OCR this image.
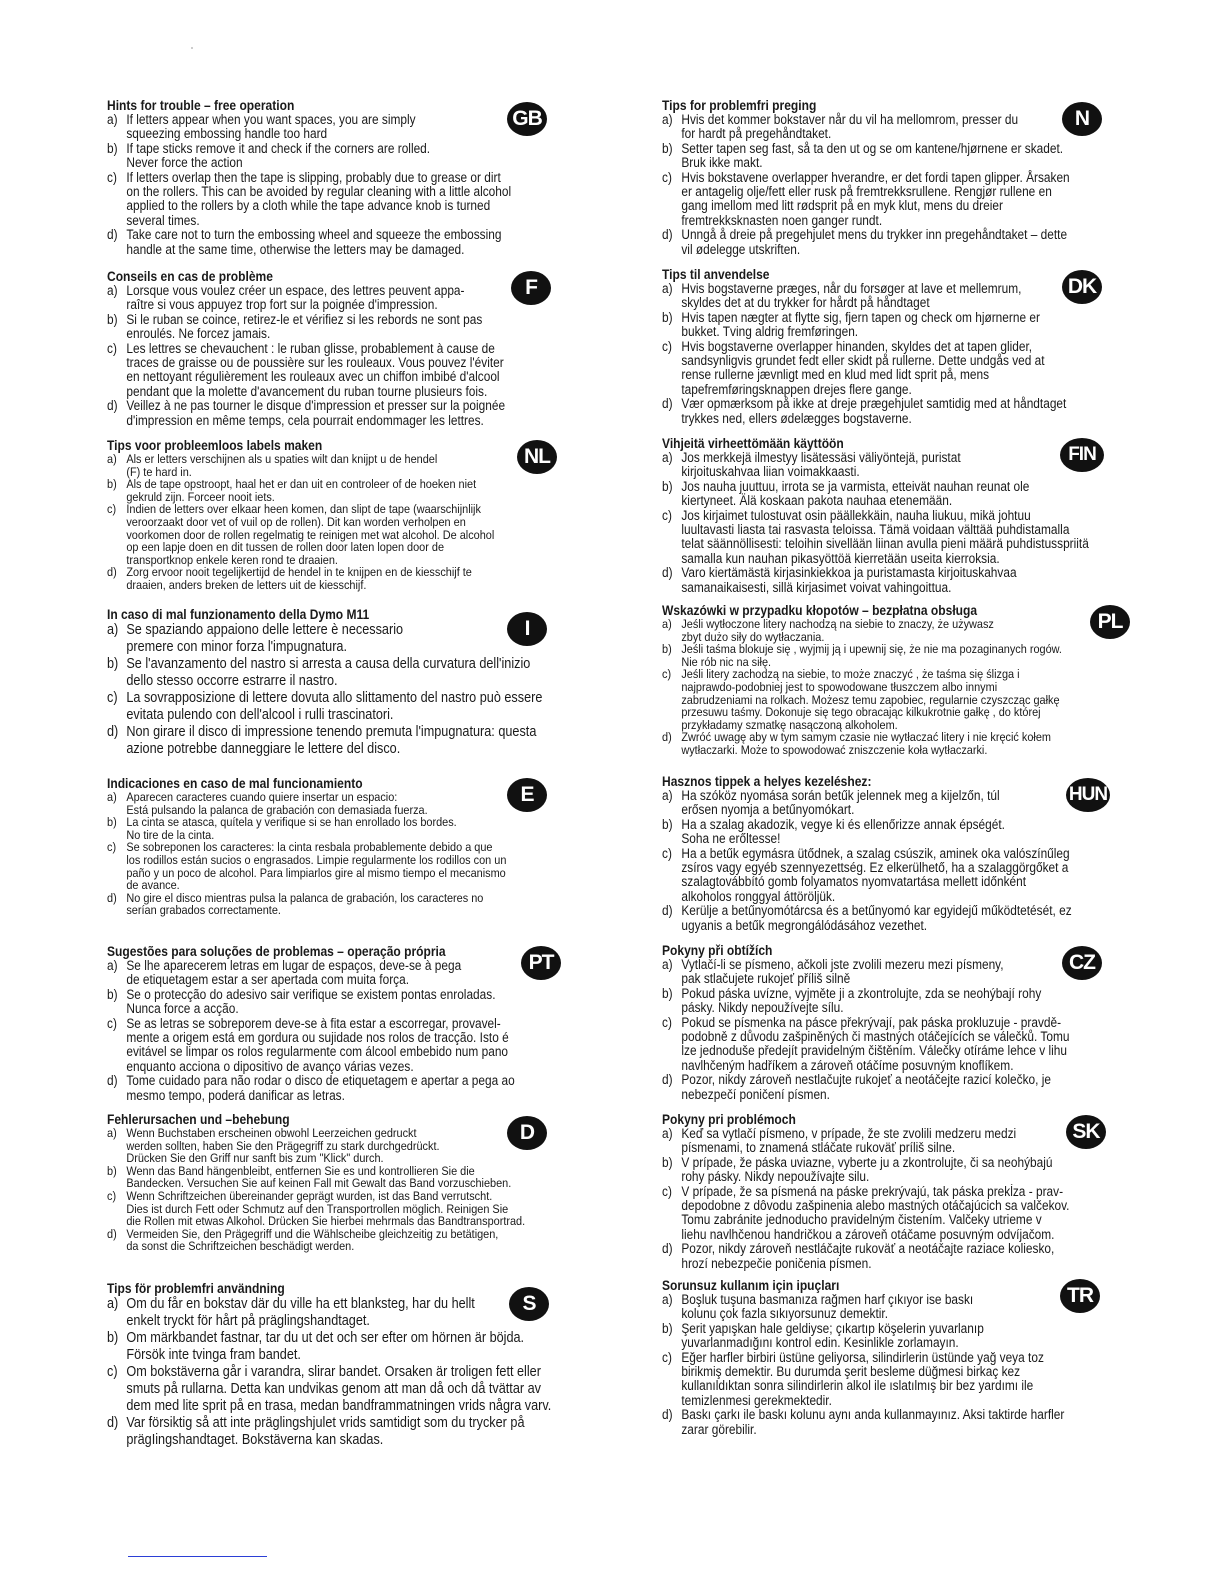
Hints for trouble – free operation

a) If letters appear when you want spaces, you are simply
squeezing embossing handle too hard
b) If tape sticks remove it and check if the corners are rolled.
Never force the action
c) If letters overlap then the tape is slipping, probably due to grease or dirt
on the rollers. This can be avoided by regular cleaning with a little alcohol
applied to the rollers by a cloth while the tape advance knob is turned
several times.
d) Take care not to turn the embossing wheel and squeeze the embossing
handle at the same time, otherwise the letters may be damaged.
GB

Conseils en cas de problème

a) Lorsque vous voulez créer un espace, des lettres peuvent appa-
raître si vous appuyez trop fort sur la poignée d'impression.
b) Si le ruban se coince, retirez-le et vérifiez si les rebords ne sont pas
enroulés. Ne forcez jamais.
c) Les lettres se chevauchent : le ruban glisse, probablement à cause de
traces de graisse ou de poussière sur les rouleaux. Vous pouvez l'éviter
en nettoyant régulièrement les rouleaux avec un chiffon imbibé d'alcool
pendant que la molette d'avancement du ruban tourne plusieurs fois.
d) Veillez à ne pas tourner le disque d'impression et presser sur la poignée
d'impression en même temps, cela pourrait endommager les lettres.
F

Tips voor probleemloos labels maken

a) Als er letters verschijnen als u spaties wilt dan knijpt u de hendel
(F) te hard in.
b) Als de tape opstroopt, haal het er dan uit en controleer of de hoeken niet
gekruld zijn. Forceer nooit iets.
c) Indien de letters over elkaar heen komen, dan slipt de tape (waarschijnlijk
veroorzaakt door vet of vuil op de rollen). Dit kan worden verholpen en
voorkomen door de rollen regelmatig te reinigen met wat alcohol. De alcohol
op een lapje doen en dit tussen de rollen door laten lopen door de
transportknop enkele keren rond te draaien.
d) Zorg ervoor nooit tegelijkertijd de hendel in te knijpen en de kiesschijf te
draaien, anders breken de letters uit de kiesschijf.
NL

In caso di mal funzionamento della Dymo M11

a) Se spaziando appaiono delle lettere è necessario
premere con minor forza l'impugnatura.
b) Se l'avanzamento del nastro si arresta a causa della curvatura dell'inizio
dello stesso occorre estrarre il nastro.
c) La sovrapposizione di lettere dovuta allo slittamento del nastro può essere
evitata pulendo con dell'alcool i rulli trascinatori.
d) Non girare il disco di impressione tenendo premuta l'impugnatura: questa
azione potrebbe danneggiare le lettere del disco.
I

Indicaciones en caso de mal funcionamiento

a) Aparecen caracteres cuando quiere insertar un espacio:
Está pulsando la palanca de grabación con demasiada fuerza.
b) La cinta se atasca, quítela y verifique si se han enrollado los bordes.
No tire de la cinta.
c) Se sobreponen los caracteres: la cinta resbala probablemente debido a que
los rodillos están sucios o engrasados. Limpie regularmente los rodillos con un
paño y un poco de alcohol. Para limpiarlos gire al mismo tiempo el mecanismo
de avance.
d) No gire el disco mientras pulsa la palanca de grabación, los caracteres no
serían grabados correctamente.
E

Sugestões para soluções de problemas – operação própria

a) Se lhe aparecerem letras em lugar de espaços, deve-se à pega
de etiquetagem estar a ser apertada com muita força.
b) Se o protecção do adesivo sair verifique se existem pontas enroladas.
Nunca force a acção.
c) Se as letras se sobreporem deve-se à fita estar a escorregar, provavel-
mente a origem está em gordura ou sujidade nos rolos de tracção. Isto é
evitável se limpar os rolos regularmente com álcool embebido num pano
enquanto acciona o dipositivo de avanço várias vezes.
d) Tome cuidado para não rodar o disco de etiquetagem e apertar a pega ao
mesmo tempo, poderá danificar as letras.
PT

Fehlerursachen und –behebung

a) Wenn Buchstaben erscheinen obwohl Leerzeichen gedruckt
werden sollten, haben Sie den Prägegriff zu stark durchgedrückt.
Drücken Sie den Griff nur sanft bis zum "Klick" durch.
b) Wenn das Band hängenbleibt, entfernen Sie es und kontrollieren Sie die
Bandecken. Versuchen Sie auf keinen Fall mit Gewalt das Band vorzuschieben.
c) Wenn Schriftzeichen übereinander geprägt wurden, ist das Band verrutscht.
Dies ist durch Fett oder Schmutz auf den Transportrollen möglich. Reinigen Sie
die Rollen mit etwas Alkohol. Drücken Sie hierbei mehrmals das Bandtransportrad.
d) Vermeiden Sie, den Prägegriff und die Wählscheibe gleichzeitig zu betätigen,
da sonst die Schriftzeichen beschädigt werden.
D

Tips för problemfri användning

a) Om du får en bokstav där du ville ha ett blanksteg, har du hellt
enkelt tryckt för hårt på präglingshandtaget.
b) Om märkbandet fastnar, tar du ut det och ser efter om hörnen är böjda.
Försök inte tvinga fram bandet.
c) Om bokstäverna går i varandra, slirar bandet. Orsaken är troligen fett eller
smuts på rullarna. Detta kan undvikas genom att man då och då tvättar av
dem med lite sprit på en trasa, medan bandframmatningen vrids några varv.
d) Var försiktig så att inte präglingshjulet vrids samtidigt som du trycker på
prägIingshandtaget. Bokstäverna kan skadas.
S

Tips for problemfri preging

a) Hvis det kommer bokstaver når du vil ha mellomrom, presser du
for hardt på pregehåndtaket.
b) Setter tapen seg fast, så ta den ut og se om kantene/hjørnene er skadet.
Bruk ikke makt.
c) Hvis bokstavene overlapper hverandre, er det fordi tapen glipper. Årsaken
er antagelig olje/fett eller rusk på fremtrekksrullene. Rengjør rullene en
gang imellom med litt rødsprit på en myk klut, mens du dreier
fremtrekksknasten noen ganger rundt.
d) Unngå å dreie på pregehjulet mens du trykker inn pregehåndtaket – dette
vil ødelegge utskriften.
N

Tips til anvendelse

a) Hvis bogstaverne præges, når du forsøger at lave et mellemrum,
skyldes det at du trykker for hårdt på håndtaget
b) Hvis tapen nægter at flytte sig, fjern tapen og check om hjørnerne er
bukket. Tving aldrig fremføringen.
c) Hvis bogstaverne overlapper hinanden, skyldes det at tapen glider,
sandsynligvis grundet fedt eller skidt på rullerne. Dette undgås ved at
rense rullerne jævnligt med en klud med lidt sprit på, mens
tapefremføringsknappen drejes flere gange.
d) Vær opmærksom på ikke at dreje prægehjulet samtidig med at håndtaget
trykkes ned, ellers ødelægges bogstaverne.
DK

Vihjeitä virheettömään käyttöön

a) Jos merkkejä ilmestyy lisätessäsi väliyöntejä, puristat
kirjoituskahvaa liian voimakkaasti.
b) Jos nauha juuttuu, irrota se ja varmista, etteivät nauhan reunat ole
kiertyneet. Älä koskaan pakota nauhaa etenemään.
c) Jos kirjaimet tulostuvat osin päällekkäin, nauha liukuu, mikä johtuu
luultavasti liasta tai rasvasta teloissa. Tämä voidaan välttää puhdistamalla
telat säännöllisesti: teloihin sivellään liinan avulla pieni määrä puhdistusspriitä
samalla kun nauhan pikasyöttöä kierretään useita kierroksia.
d) Varo kiertämästä kirjasinkiekkoa ja puristamasta kirjoituskahvaa
samanaikaisesti, sillä kirjasimet voivat vahingoittua.
FIN

Wskazówki w przypadku kłopotów – bezpłatna obsługa

a) Jeśli wytłoczone litery nachodzą na siebie to znaczy, że używasz
zbyt dużo siły do wytłaczania.
b) Jeśli taśma blokuje się , wyjmij ją i upewnij się, że nie ma pozaginanych rogów.
Nie rób nic na siłę.
c) Jeśli litery zachodzą na siebie, to może znaczyć , że taśma się ślizga i
najprawdo-podobniej jest to spowodowane tłuszczem albo innymi
zabrudzeniami na rolkach. Możesz temu zapobiec, regularnie czyszcząc gałkę
przesuwu taśmy. Dokonuje się tego obracając kilkukrotnie gałkę , do której
przykładamy szmatkę nasączoną alkoholem.
d) Zwróć uwagę aby w tym samym czasie nie wytłaczać litery i nie kręcić kołem
wytłaczarki. Może to spowodować zniszczenie koła wytłaczarki.
PL

Hasznos tippek a helyes kezeléshez:

a) Ha szóköz nyomása során betűk jelennek meg a kijelzőn, túl
erősen nyomja a betűnyomókart.
b) Ha a szalag akadozik, vegye ki és ellenőrizze annak épségét.
Soha ne erőltesse!
c) Ha a betűk egymásra ütődnek, a szalag csúszik, aminek oka valószínűleg
zsíros vagy egyéb szennyezettség. Ez elkerülhető, ha a szalaggörgőket a
szalagtovábbító gomb folyamatos nyomvatartása mellett időnként
alkoholos ronggyal áttöröljük.
d) Kerülje a betűnyomótárcsa és a betűnyomó kar egyidejű működtetését, ez
ugyanis a betűk megrongálódásához vezethet.
HUN

Pokyny při obtížích

a) Vytlačí-li se písmeno, ačkoli jste zvolili mezeru mezi písmeny,
pak stlačujete rukojeť příliš silně
b) Pokud páska uvízne, vyjměte ji a zkontrolujte, zda se neohýbají rohy
pásky. Nikdy nepoužívejte sílu.
c) Pokud se písmenka na pásce překrývají, pak páska prokluzuje - pravdě-
podobně z důvodu zašpiněných či mastných otáčejících se válečků. Tomu
lze jednoduše předejít pravidelným čištěním. Válečky otíráme lehce v lihu
navlhčeným hadříkem a zároveň otáčíme posuvným knoflíkem.
d) Pozor, nikdy zároveň nestlačujte rukojeť a neotáčejte razicí kolečko, je
nebezpečí poničení písmen.
CZ

Pokyny pri problémoch

a) Keď sa vytlačí písmeno, v prípade, že ste zvolili medzeru medzi
písmenami, to znamená stláčate rukoväť príliš silne.
b) V prípade, že páska uviazne, vyberte ju a zkontrolujte, či sa neohýbajú
rohy pásky. Nikdy nepoužívajte silu.
c) V prípade, že sa písmená na páske prekrývajú, tak páska prekĺza - prav-
depodobne z dôvodu zašpinenia alebo mastných otáčajúcich sa valčekov.
Tomu zabránite jednoducho pravidelným čistením. Valčeky utrieme v
liehu navlhčenou handričkou a zároveň otáčame posuvným odvíjačom.
d) Pozor, nikdy zároveň nestláčajte rukoväť a neotáčajte raziace koliesko,
hrozí nebezpečie poničenia písmen.
SK

Sorunsuz kullanım için ipuçları

a) Boşluk tuşuna basmanıza rağmen harf çıkıyor ise baskı
kolunu çok fazla sıkıyorsunuz demektir.
b) Şerit yapışkan hale geldiyse; çıkartıp köşelerin yuvarlanıp
yuvarlanmadığını kontrol edin. Kesinlikle zorlamayın.
c) Eğer harfler birbiri üstüne geliyorsa, silindirlerin üstünde yağ veya toz
birikmiş demektir. Bu durumda şerit besleme düğmesi birkaç kez
kullanıldıktan sonra silindirlerin alkol ile ıslatılmış bir bez yardımı ile
temizlenmesi gerekmektedir.
d) Baskı çarkı ile baskı kolunu aynı anda kullanmayınız. Aksi taktirde harfler
zarar görebilir.
TR
